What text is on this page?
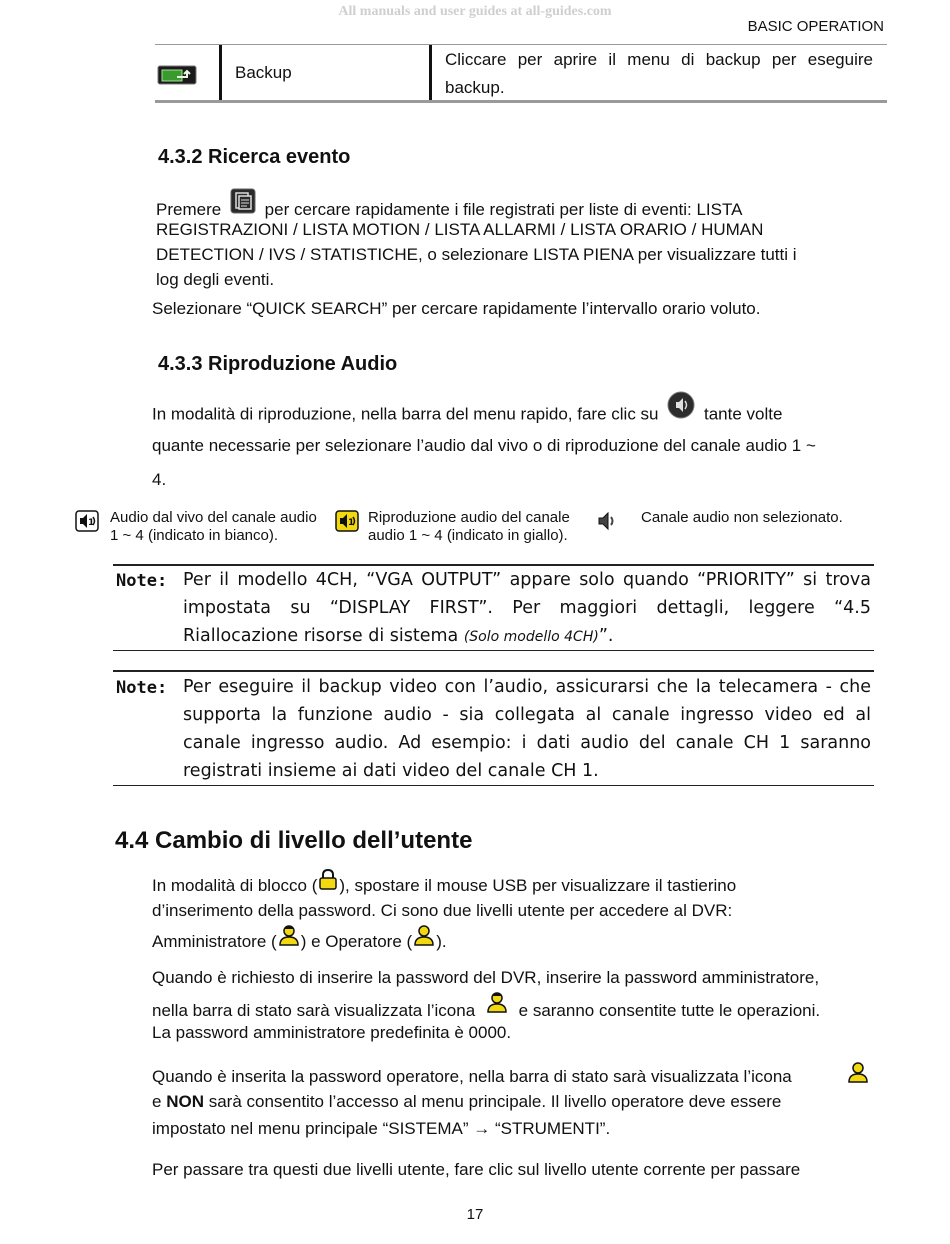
All manuals and user guides at all-guides.com
BASIC OPERATION
Backup
Cliccare per aprire il menu di backup per eseguire
backup.
4.3.2 Ricerca evento
Premere	per cercare rapidamente i file registrati per liste di eventi: LISTA
REGISTRAZIONI / LISTA MOTION / LISTA ALLARMI / LISTA ORARIO / HUMAN
DETECTION / IVS / STATISTICHE, o selezionare LISTA PIENA per visualizzare tutti i
log degli eventi.
Selezionare “QUICK SEARCH” per cercare rapidamente l’intervallo orario voluto.
4.3.3 Riproduzione Audio
In modalità di riproduzione, nella barra del menu rapido, fare clic su	tante volte
quante necessarie per selezionare l’audio dal vivo o di riproduzione del canale audio 1 ~
4.
1 Audio dal vivo del canale audio
1 ~ 4 (indicato in bianco).
1 Riproduzione audio del canale
audio 1 ~ 4 (indicato in giallo).
Canale audio non selezionato.
Note: Per il modello 4CH, “VGA OUTPUT” appare solo quando “PRIORITY” si trova
impostata su “DISPLAY FIRST”. Per maggiori dettagli, leggere “4.5
Riallocazione risorse di sistema (Solo modello 4CH)”.
Note: Per eseguire il backup video con l’audio, assicurarsi che la telecamera - che
supporta la funzione audio - sia collegata al canale ingresso video ed al
canale ingresso audio. Ad esempio: i dati audio del canale CH 1 saranno
registrati insieme ai dati video del canale CH 1.
4.4 Cambio di livello dell’utente
In modalità di blocco ( ), spostare il mouse USB per visualizzare il tastierino
d’inserimento della password. Ci sono due livelli utente per accedere al DVR:
Amministratore ( ) e Operatore ( ).
Quando è richiesto di inserire la password del DVR, inserire la password amministratore,
nella barra di stato sarà visualizzata l’icona	e saranno consentite tutte le operazioni.
La password amministratore predefinita è 0000.
Quando è inserita la password operatore, nella barra di stato sarà visualizzata l’icona
e NON sarà consentito l’accesso al menu principale. Il livello operatore deve essere
impostato nel menu principale “SISTEMA” → “STRUMENTI”.
Per passare tra questi due livelli utente, fare clic sul livello utente corrente per passare
17
